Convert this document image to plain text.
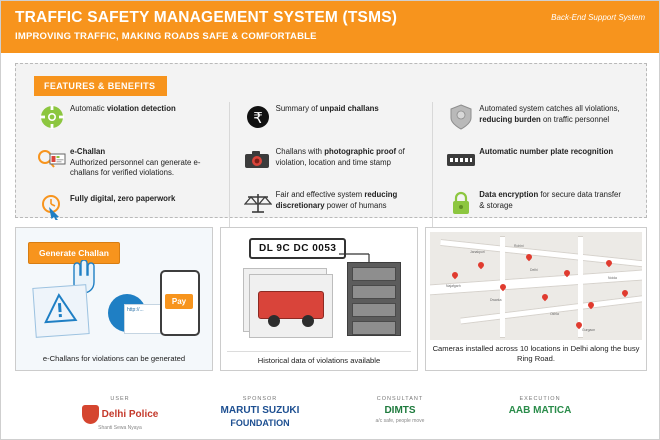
TRAFFIC SAFETY MANAGEMENT SYSTEM (TSMS)
IMPROVING TRAFFIC, MAKING ROADS SAFE & COMFORTABLE
Back-End Support System
FEATURES & BENEFITS
Automatic violation detection
e-Challan
Authorized personnel can generate e-challans for verified violations.
Fully digital, zero paperwork
₹
Summary of unpaid challans
Challans with photographic proof of violation, location and time stamp
Fair and effective system reducing discretionary power of humans
Automated system catches all violations, reducing burden on traffic personnel
Automatic number plate recognition
Data encryption for secure data transfer & storage
Generate Challan
http://...
Pay
e-Challans for violations can be generated
DL 9C DC 0053
Historical data of violations available
Najafgarh
Dwarka
Delhi
Okhla
Noida
Gurgaon
Rohini
Janakpuri
Cameras installed across 10 locations in Delhi along the busy Ring Road.
USER
Delhi Police
Shanti Sewa Nyaya
SPONSOR
MARUTI SUZUKI
FOUNDATION
CONSULTANT
DIMTS
a/c safe, people move
EXECUTION
AAB MATICA
